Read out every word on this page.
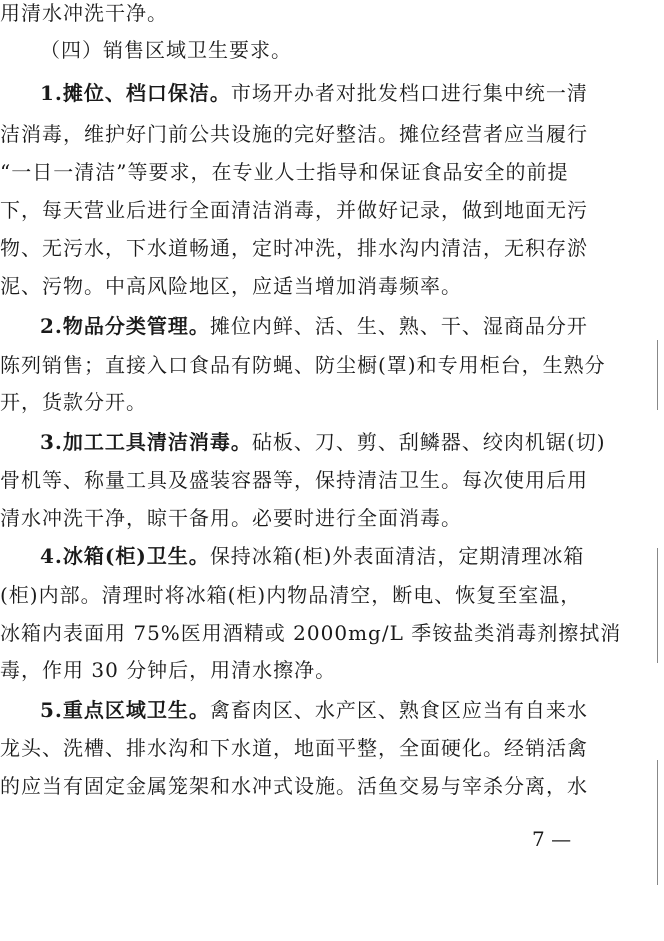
用清水冲洗干净。
（四）销售区域卫生要求。
1.摊位、档口保洁。市场开办者对批发档口进行集中统一清
洁消毒，维护好门前公共设施的完好整洁。摊位经营者应当履行
“一日一清洁”等要求，在专业人士指导和保证食品安全的前提
下，每天营业后进行全面清洁消毒，并做好记录，做到地面无污
物、无污水，下水道畅通，定时冲洗，排水沟内清洁，无积存淤
泥、污物。中高风险地区，应适当增加消毒频率。
2.物品分类管理。摊位内鲜、活、生、熟、干、湿商品分开
陈列销售；直接入口食品有防蝇、防尘橱(罩)和专用柜台，生熟分
开，货款分开。
3.加工工具清洁消毒。砧板、刀、剪、刮鳞器、绞肉机锯(切)
骨机等、称量工具及盛装容器等，保持清洁卫生。每次使用后用
清水冲洗干净，晾干备用。必要时进行全面消毒。
4.冰箱(柜)卫生。保持冰箱(柜)外表面清洁，定期清理冰箱
(柜)内部。清理时将冰箱(柜)内物品清空，断电、恢复至室温，
冰箱内表面用 75%医用酒精或 2000mg/L 季铵盐类消毒剂擦拭消
毒，作用 30 分钟后，用清水擦净。
5.重点区域卫生。禽畜肉区、水产区、熟食区应当有自来水
龙头、洗槽、排水沟和下水道，地面平整，全面硬化。经销活禽
的应当有固定金属笼架和水冲式设施。活鱼交易与宰杀分离，水
7 —
